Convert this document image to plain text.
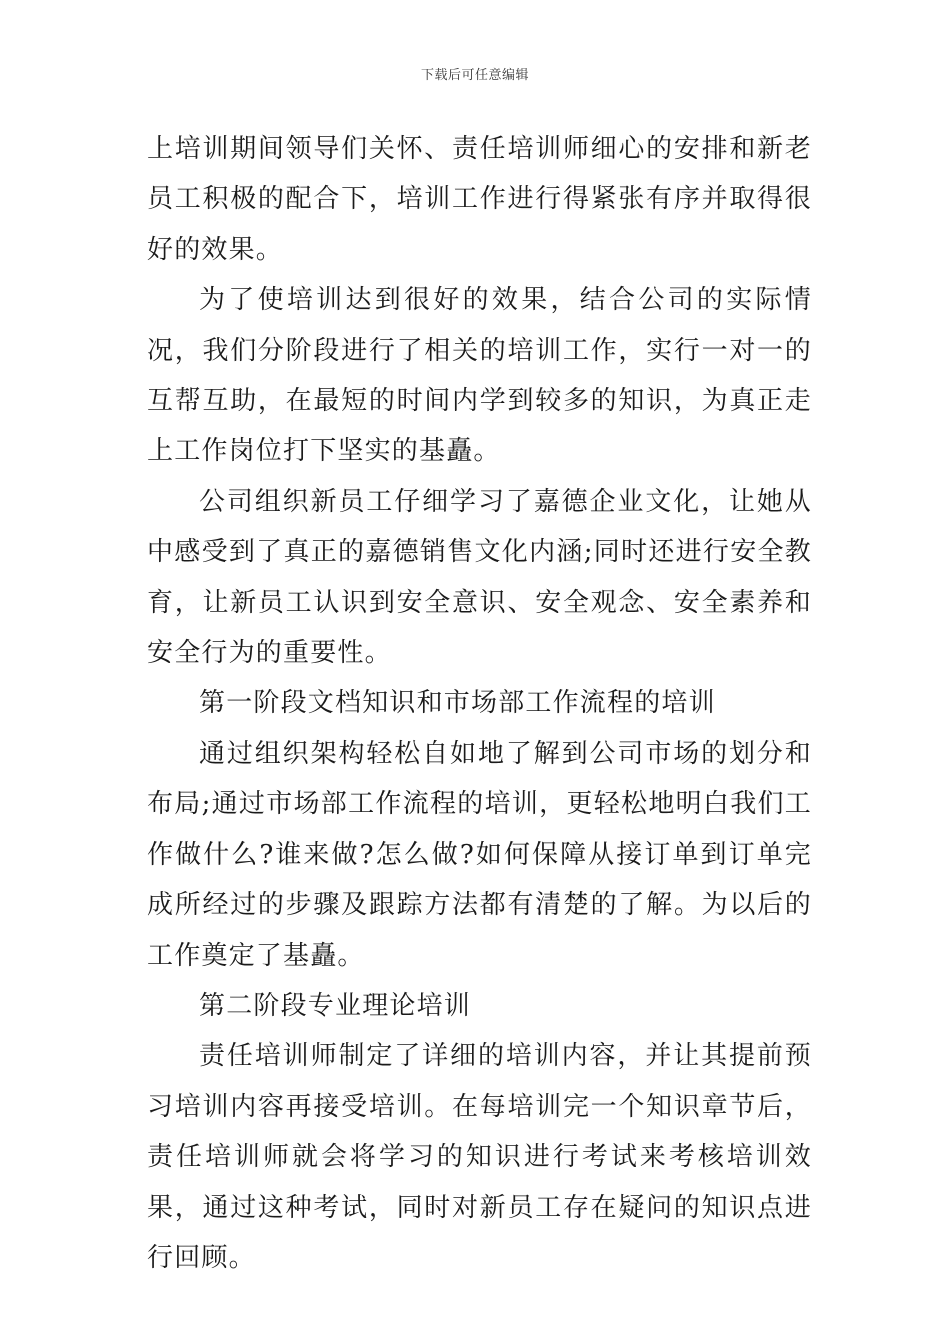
下载后可任意编辑

上培训期间领导们关怀、责任培训师细心的安排和新老员工积极的配合下，培训工作进行得紧张有序并取得很好的效果。

为了使培训达到很好的效果，结合公司的实际情况，我们分阶段进行了相关的培训工作，实行一对一的互帮互助，在最短的时间内学到较多的知识，为真正走上工作岗位打下坚实的基矗。

公司组织新员工仔细学习了嘉德企业文化，让她从中感受到了真正的嘉德销售文化内涵;同时还进行安全教育，让新员工认识到安全意识、安全观念、安全素养和安全行为的重要性。

第一阶段文档知识和市场部工作流程的培训

通过组织架构轻松自如地了解到公司市场的划分和布局;通过市场部工作流程的培训，更轻松地明白我们工作做什么?谁来做?怎么做?如何保障从接订单到订单完成所经过的步骤及跟踪方法都有清楚的了解。为以后的工作奠定了基矗。

第二阶段专业理论培训

责任培训师制定了详细的培训内容，并让其提前预习培训内容再接受培训。在每培训完一个知识章节后，责任培训师就会将学习的知识进行考试来考核培训效果，通过这种考试，同时对新员工存在疑问的知识点进行回顾。
